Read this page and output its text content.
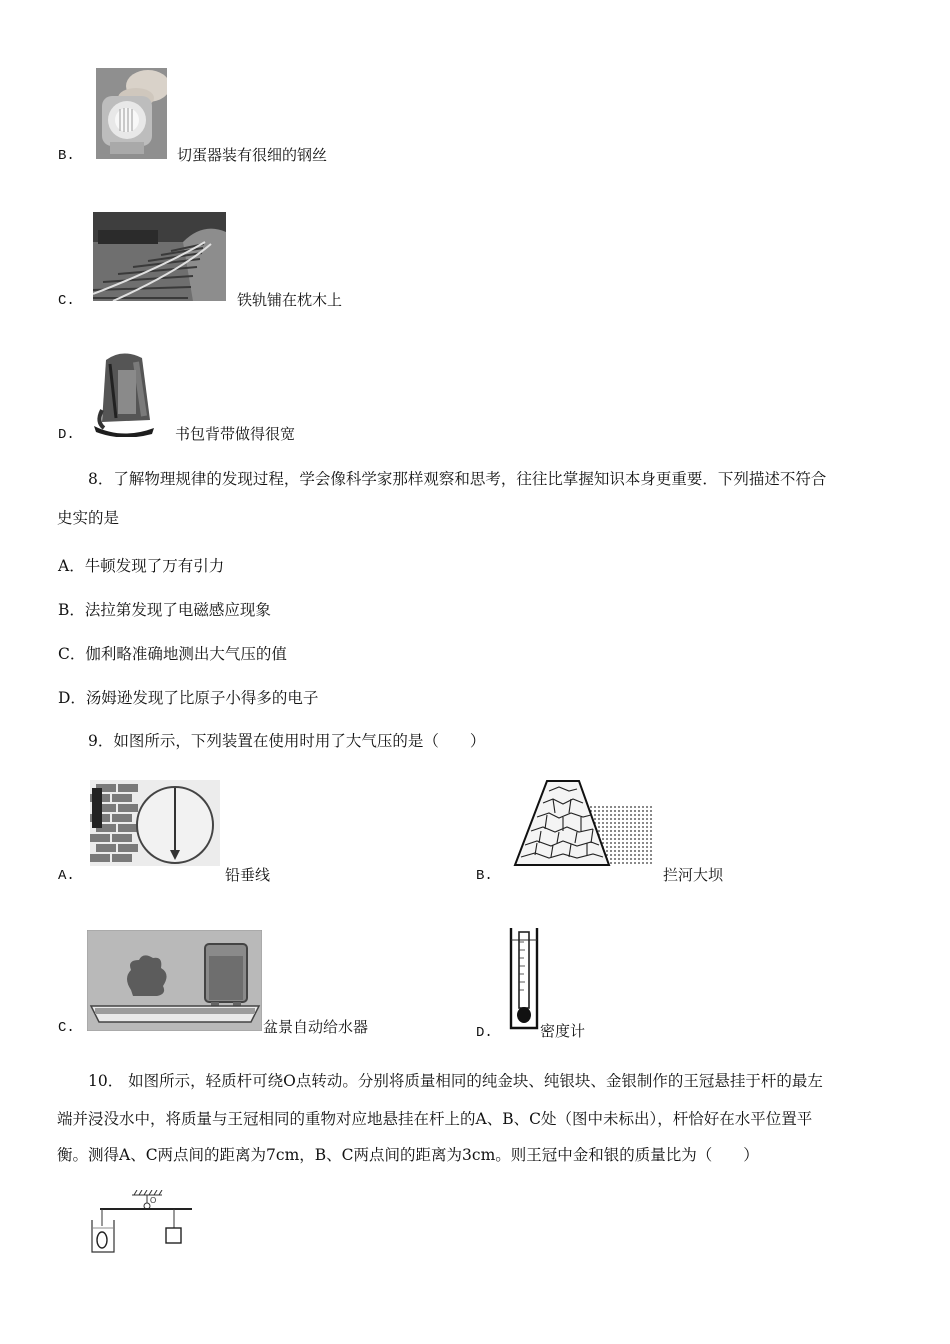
B.	切蛋器装有很细的钢丝
C.	铁轨铺在枕木上
D.	书包背带做得很宽
8．了解物理规律的发现过程，学会像科学家那样观察和思考，往往比掌握知识本身更重要．下列描述不符合
史实的是
A．牛顿发现了万有引力
B．法拉第发现了电磁感应现象
C．伽利略准确地测出大气压的值
D．汤姆逊发现了比原子小得多的电子
9．如图所示，下列装置在使用时用了大气压的是（　　）
A.	铅垂线	B.	拦河大坝
C.	盆景自动给水器	D.	密度计
10． 如图所示，轻质杆可绕O点转动。分别将质量相同的纯金块、纯银块、金银制作的王冠悬挂于杆的最左
端并浸没水中，将质量与王冠相同的重物对应地悬挂在杆上的A、B、C处（图中未标出），杆恰好在水平位置平
衡。测得A、C两点间的距离为7cm，B、C两点间的距离为3cm。则王冠中金和银的质量比为（　　）
O
